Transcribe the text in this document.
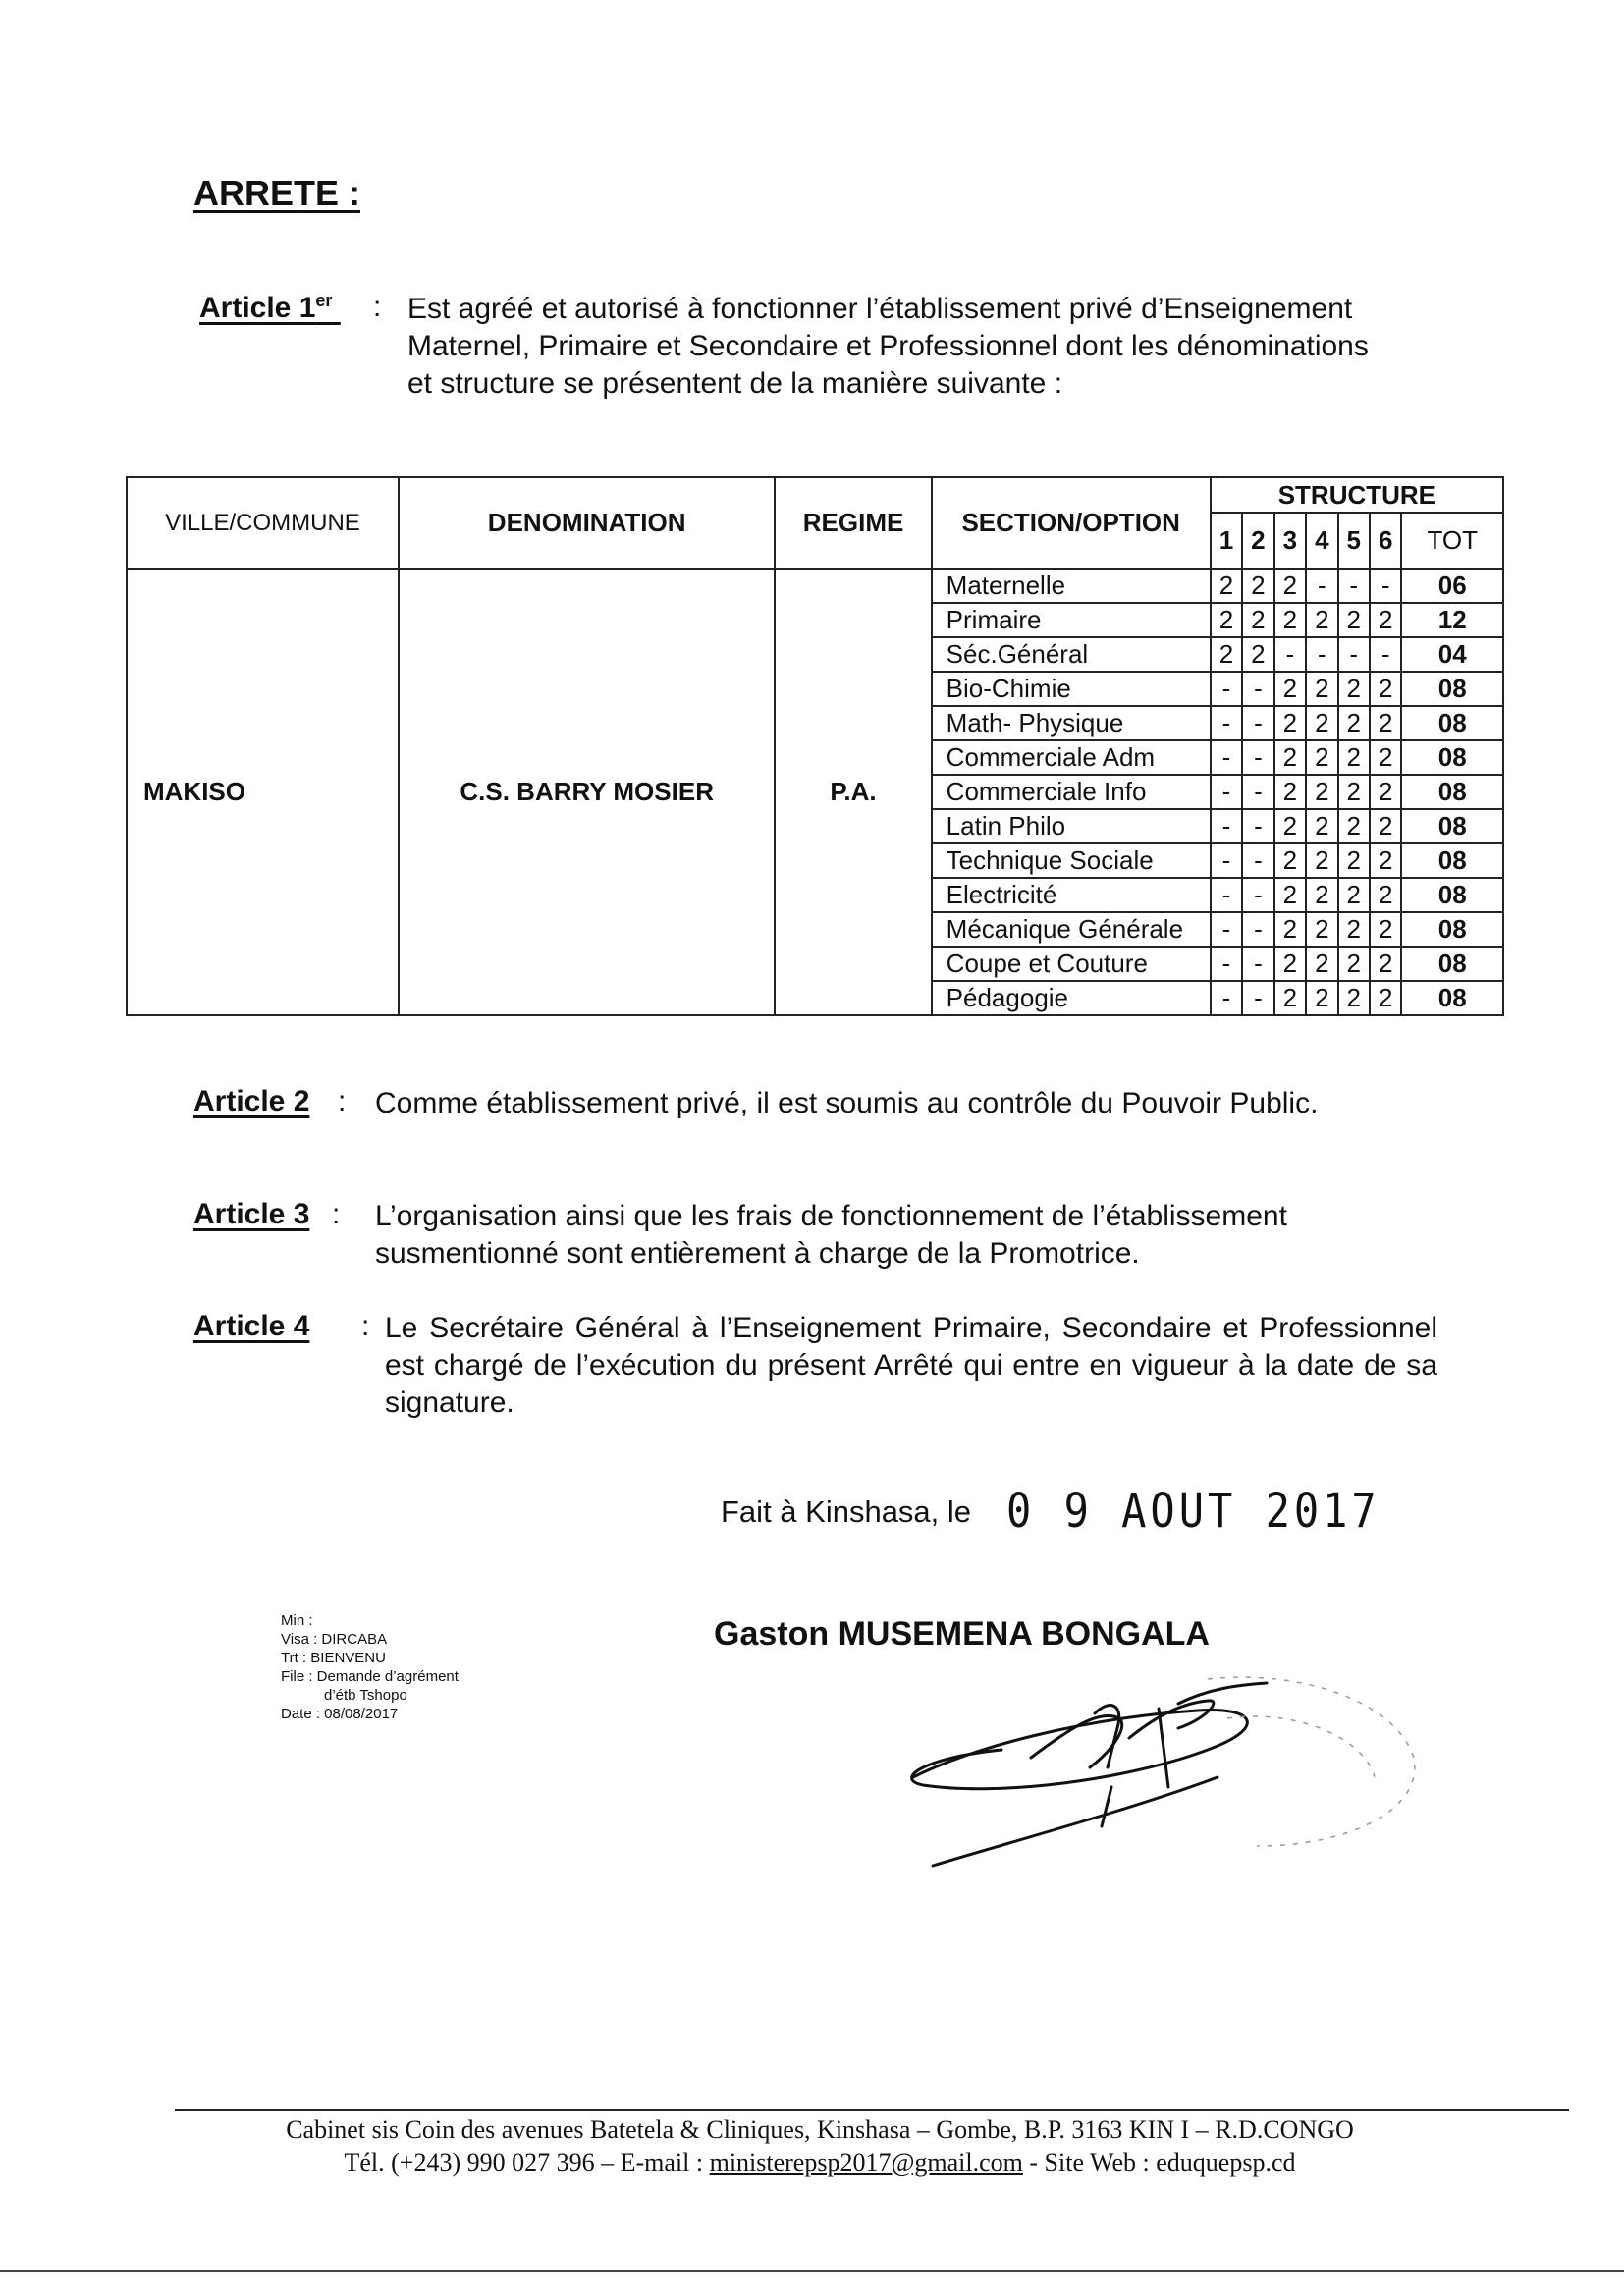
ARRETE :
Article 1er : Est agréé et autorisé à fonctionner l’établissement privé d’Enseignement Maternel, Primaire et Secondaire et Professionnel dont les dénominations et structure se présentent de la manière suivante :

VILLE/COMMUNE	DENOMINATION	REGIME	SECTION/OPTION	STRUCTURE						
				1	2	3	4	5	6	TOT
MAKISO	C.S. BARRY MOSIER	P.A.	Maternelle	2	2	2	-	-	-	06
			Primaire	2	2	2	2	2	2	12
			Séc.Général	2	2	-	-	-	-	04
			Bio-Chimie	-	-	2	2	2	2	08
			Math- Physique	-	-	2	2	2	2	08
			Commerciale Adm	-	-	2	2	2	2	08
			Commerciale Info	-	-	2	2	2	2	08
			Latin Philo	-	-	2	2	2	2	08
			Technique Sociale	-	-	2	2	2	2	08
			Electricité	-	-	2	2	2	2	08
			Mécanique Générale	-	-	2	2	2	2	08
			Coupe et Couture	-	-	2	2	2	2	08
			Pédagogie	-	-	2	2	2	2	08
Article 2 : Comme établissement privé, il est soumis au contrôle du Pouvoir Public.

Article 3 : L’organisation ainsi que les frais de fonctionnement de l’établissement susmentionné sont entièrement à charge de la Promotrice.

Article 4 : Le Secrétaire Général à l’Enseignement Primaire, Secondaire et Professionnel est chargé de l’exécution du présent Arrêté qui entre en vigueur à la date de sa signature.

Fait à Kinshasa, le 0 9 AOUT 2017
Gaston MUSEMENA BONGALA
Min :
Visa : DIRCABA
Trt : BIENVENU
File : Demande d’agrément
d’étb Tshopo
Date : 08/08/2017
Cabinet sis Coin des avenues Batetela & Cliniques, Kinshasa – Gombe, B.P. 3163 KIN I – R.D.CONGO
Tél. (+243) 990 027 396 – E-mail : ministerepsp2017@gmail.com - Site Web : eduquepsp.cd
